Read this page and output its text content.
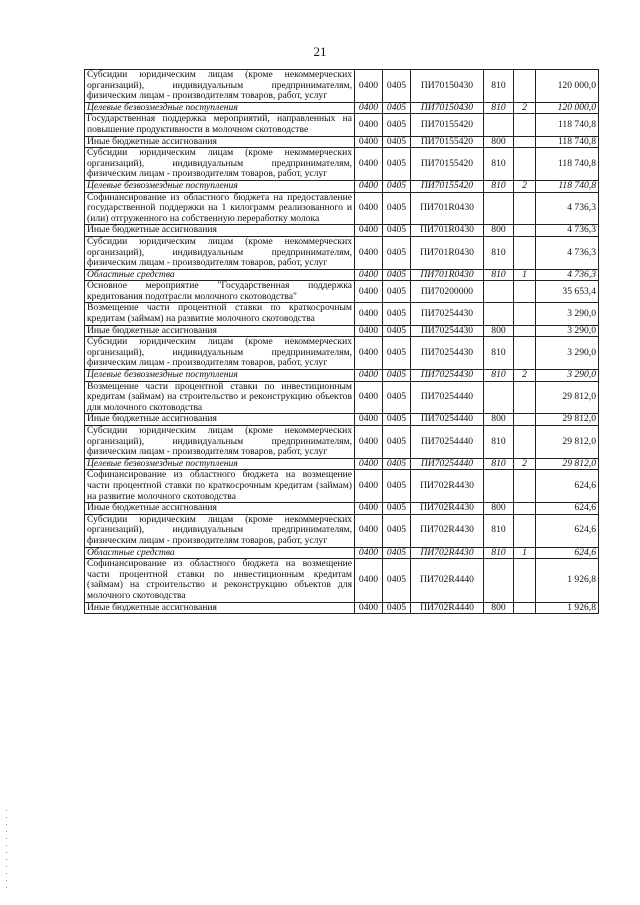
21
Субсидии юридическим лицам (кроме некоммерческих организаций), индивидуальным предпринимателям, физическим лицам - производителям товаров, работ, услуг	0400	0405	ПИ70150430	810		120 000,0
Целевые безвозмездные поступления	0400	0405	ПИ70150430	810	2	120 000,0
Государственная поддержка мероприятий, направленных на повышение продуктивности в молочном скотоводстве	0400	0405	ПИ70155420			118 740,8
Иные бюджетные ассигнования	0400	0405	ПИ70155420	800		118 740,8
Субсидии юридическим лицам (кроме некоммерческих организаций), индивидуальным предпринимателям, физическим лицам - производителям товаров, работ, услуг	0400	0405	ПИ70155420	810		118 740,8
Целевые безвозмездные поступления	0400	0405	ПИ70155420	810	2	118 740,8
Софинансирование из областного бюджета на предоставление государственной поддержки на 1 килограмм реализованного и (или) отгруженного на собственную переработку молока	0400	0405	ПИ701R0430			4 736,3
Иные бюджетные ассигнования	0400	0405	ПИ701R0430	800		4 736,3
Субсидии юридическим лицам (кроме некоммерческих организаций), индивидуальным предпринимателям, физическим лицам - производителям товаров, работ, услуг	0400	0405	ПИ701R0430	810		4 736,3
Областные средства	0400	0405	ПИ701R0430	810	1	4 736,3
Основное мероприятие "Государственная поддержка кредитования подотрасли молочного скотоводства"	0400	0405	ПИ70200000			35 653,4
Возмещение части процентной ставки по краткосрочным кредитам (займам) на развитие молочного скотоводства	0400	0405	ПИ70254430			3 290,0
Иные бюджетные ассигнования	0400	0405	ПИ70254430	800		3 290,0
Субсидии юридическим лицам (кроме некоммерческих организаций), индивидуальным предпринимателям, физическим лицам - производителям товаров, работ, услуг	0400	0405	ПИ70254430	810		3 290,0
Целевые безвозмездные поступления	0400	0405	ПИ70254430	810	2	3 290,0
Возмещение части процентной ставки по инвестиционным кредитам (займам) на строительство и реконструкцию объектов для молочного скотоводства	0400	0405	ПИ70254440			29 812,0
Иные бюджетные ассигнования	0400	0405	ПИ70254440	800		29 812,0
Субсидии юридическим лицам (кроме некоммерческих организаций), индивидуальным предпринимателям, физическим лицам - производителям товаров, работ, услуг	0400	0405	ПИ70254440	810		29 812,0
Целевые безвозмездные поступления	0400	0405	ПИ70254440	810	2	29 812,0
Софинансирование из областного бюджета на возмещение части процентной ставки по краткосрочным кредитам (займам) на развитие молочного скотоводства	0400	0405	ПИ702R4430			624,6
Иные бюджетные ассигнования	0400	0405	ПИ702R4430	800		624,6
Субсидии юридическим лицам (кроме некоммерческих организаций), индивидуальным предпринимателям, физическим лицам - производителям товаров, работ, услуг	0400	0405	ПИ702R4430	810		624,6
Областные средства	0400	0405	ПИ702R4430	810	1	624,6
Софинансирование из областного бюджета на возмещение части процентной ставки по инвестиционным кредитам (займам) на строительство и реконструкцию объектов для молочного скотоводства	0400	0405	ПИ702R4440			1 926,8
Иные бюджетные ассигнования	0400	0405	ПИ702R4440	800		1 926,8
